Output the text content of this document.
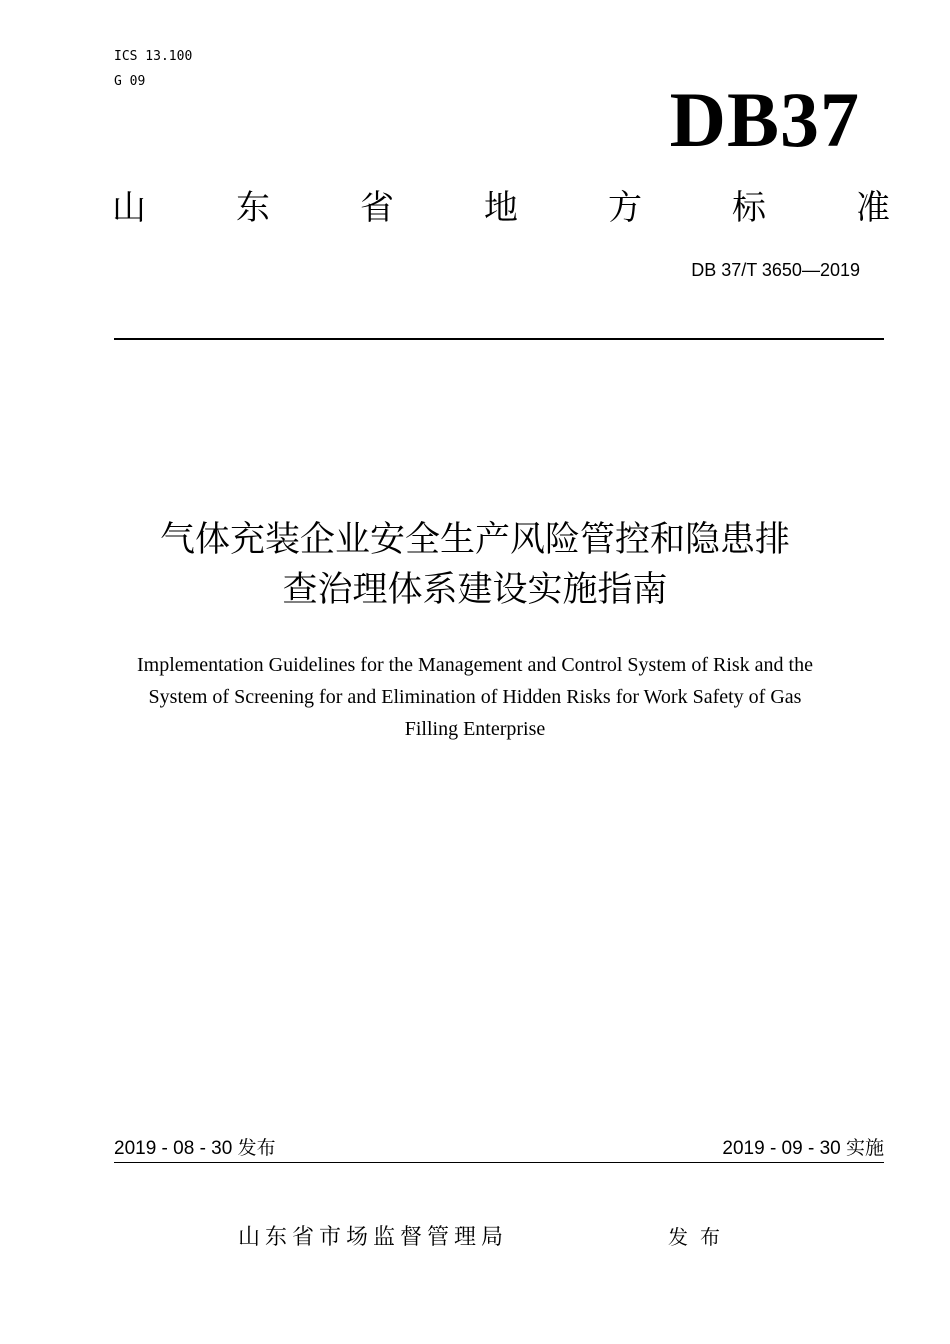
ICS 13.100
G 09	DB37
山	东	省	地	方	标	准
DB 37/T 3650—2019
气体充装企业安全生产风险管控和隐患排
查治理体系建设实施指南
Implementation Guidelines for the Management and Control System of Risk and the
System of Screening for and Elimination of Hidden Risks for Work Safety of Gas
Filling Enterprise
2019 - 08 - 30 发布	2019 - 09 - 30 实施
山东省市场监督管理局	发布
